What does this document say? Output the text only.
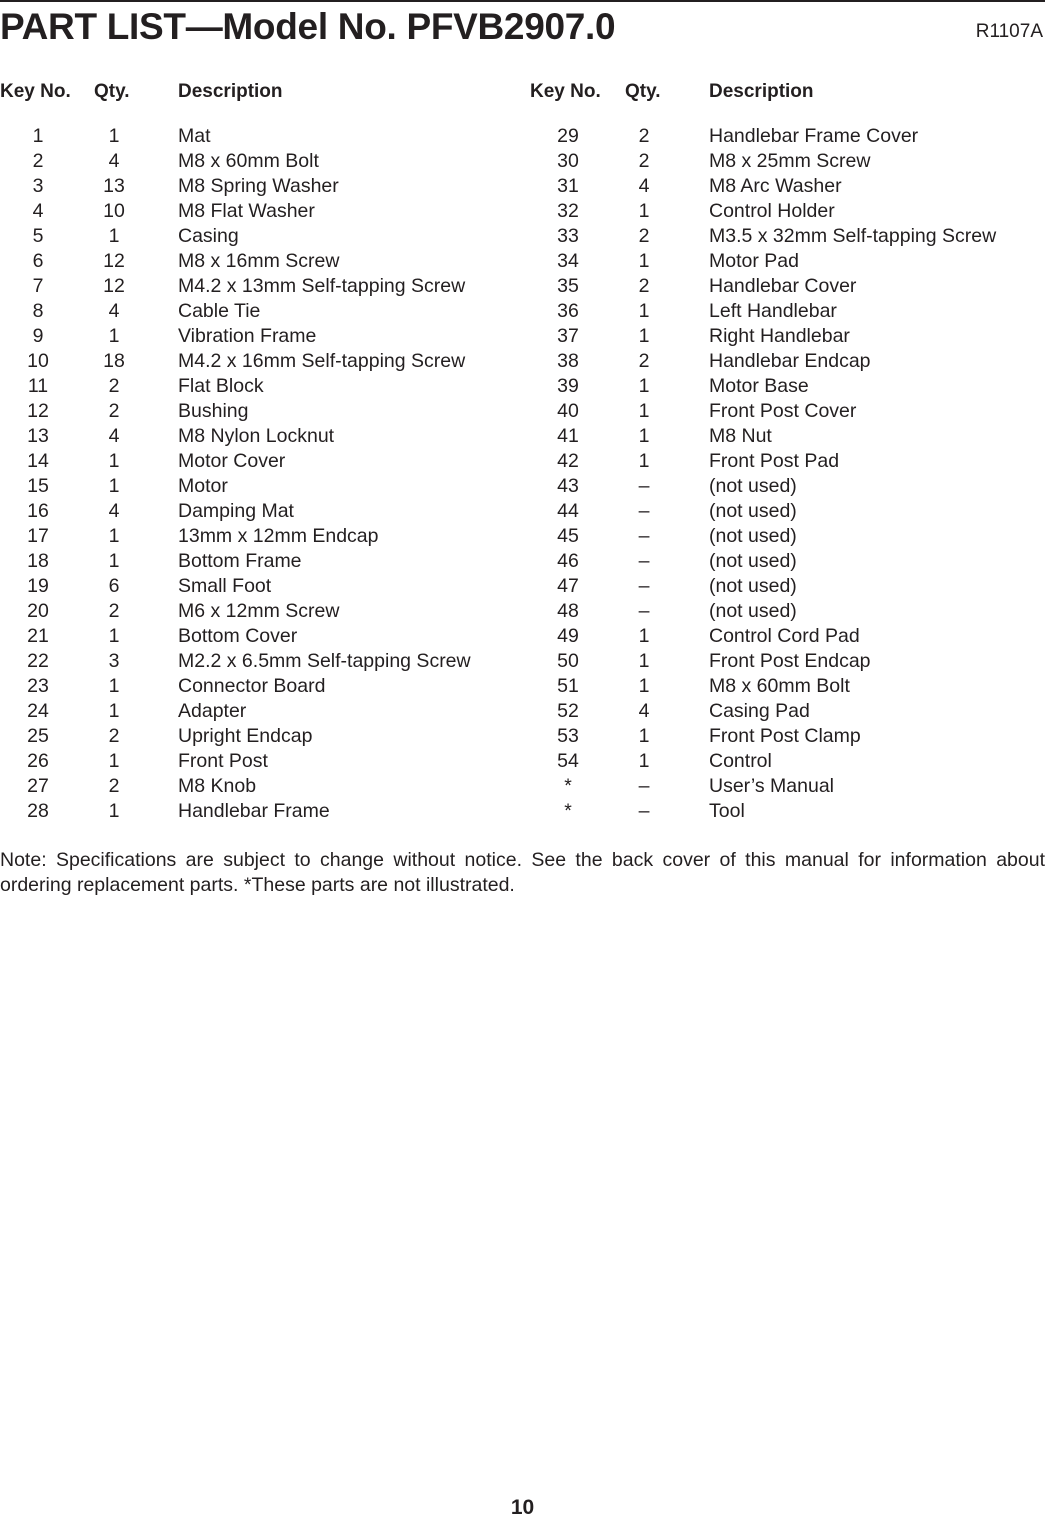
PART LIST—Model No. PFVB2907.0	R1107A
Key No. Qty.	Description	Key No. Qty.	Description
1	1	Mat
2	4	M8 x 60mm Bolt
3	13	M8 Spring Washer
4	10	M8 Flat Washer
5	1	Casing
6	12	M8 x 16mm Screw
7	12	M4.2 x 13mm Self-tapping Screw
8	4	Cable Tie
9	1	Vibration Frame
10	18	M4.2 x 16mm Self-tapping Screw
11	2	Flat Block
12	2	Bushing
13	4	M8 Nylon Locknut
14	1	Motor Cover
15	1	Motor
16	4	Damping Mat
17	1	13mm x 12mm Endcap
18	1	Bottom Frame
19	6	Small Foot
20	2	M6 x 12mm Screw
21	1	Bottom Cover
22	3	M2.2 x 6.5mm Self-tapping Screw
23	1	Connector Board
24	1	Adapter
25	2	Upright Endcap
26	1	Front Post
27	2	M8 Knob
28	1	Handlebar Frame
29	2	Handlebar Frame Cover
30	2	M8 x 25mm Screw
31	4	M8 Arc Washer
32	1	Control Holder
33	2	M3.5 x 32mm Self-tapping Screw
34	1	Motor Pad
35	2	Handlebar Cover
36	1	Left Handlebar
37	1	Right Handlebar
38	2	Handlebar Endcap
39	1	Motor Base
40	1	Front Post Cover
41	1	M8 Nut
42	1	Front Post Pad
43	–	(not used)
44	–	(not used)
45	–	(not used)
46	–	(not used)
47	–	(not used)
48	–	(not used)
49	1	Control Cord Pad
50	1	Front Post Endcap
51	1	M8 x 60mm Bolt
52	4	Casing Pad
53	1	Front Post Clamp
54	1	Control
*	–	User’s Manual
*	–	Tool
Note: Specifications are subject to change without notice. See the back cover of this manual for information about ordering replacement parts. *These parts are not illustrated.
10
